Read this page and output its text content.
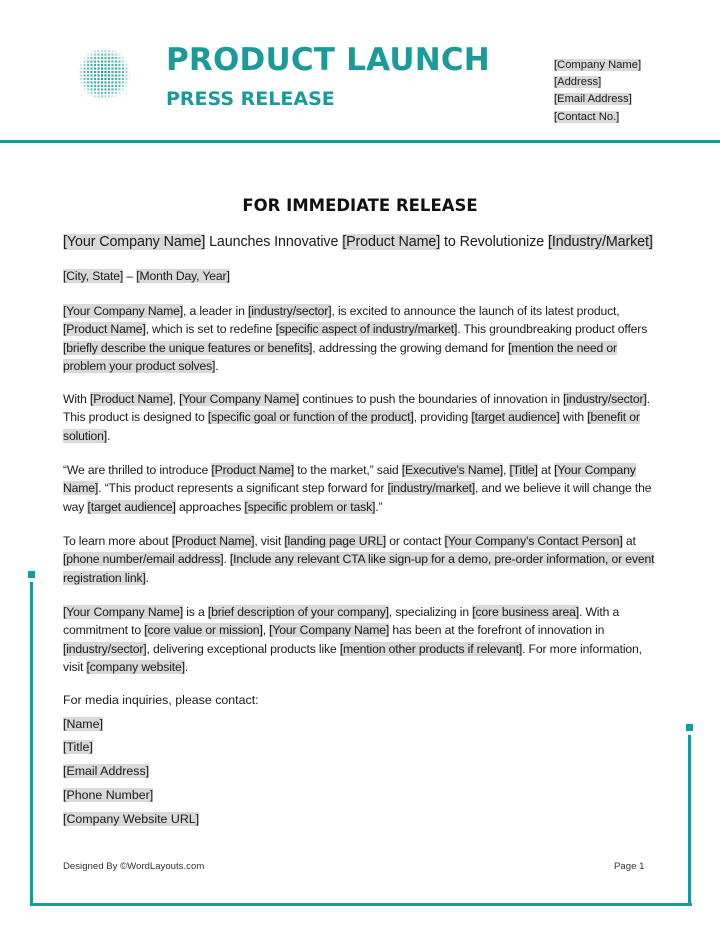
PRODUCT LAUNCH
PRESS RELEASE
[Company Name]
[Address]
[Email Address]
[Contact No.]
FOR IMMEDIATE RELEASE
[Your Company Name] Launches Innovative [Product Name] to Revolutionize [Industry/Market]
[City, State] – [Month Day, Year]
[Your Company Name], a leader in [industry/sector], is excited to announce the launch of its latest product, [Product Name], which is set to redefine [specific aspect of industry/market]. This groundbreaking product offers [briefly describe the unique features or benefits], addressing the growing demand for [mention the need or problem your product solves].
With [Product Name], [Your Company Name] continues to push the boundaries of innovation in [industry/sector]. This product is designed to [specific goal or function of the product], providing [target audience] with [benefit or solution].
“We are thrilled to introduce [Product Name] to the market,” said [Executive's Name], [Title] at [Your Company Name]. “This product represents a significant step forward for [industry/market], and we believe it will change the way [target audience] approaches [specific problem or task].”
To learn more about [Product Name], visit [landing page URL] or contact [Your Company's Contact Person] at [phone number/email address]. [Include any relevant CTA like sign-up for a demo, pre-order information, or event registration link].
[Your Company Name] is a [brief description of your company], specializing in [core business area]. With a commitment to [core value or mission], [Your Company Name] has been at the forefront of innovation in [industry/sector], delivering exceptional products like [mention other products if relevant]. For more information, visit [company website].
For media inquiries, please contact:
[Name]
[Title]
[Email Address]
[Phone Number]
[Company Website URL]
Designed By ©WordLayouts.com	Page 1
